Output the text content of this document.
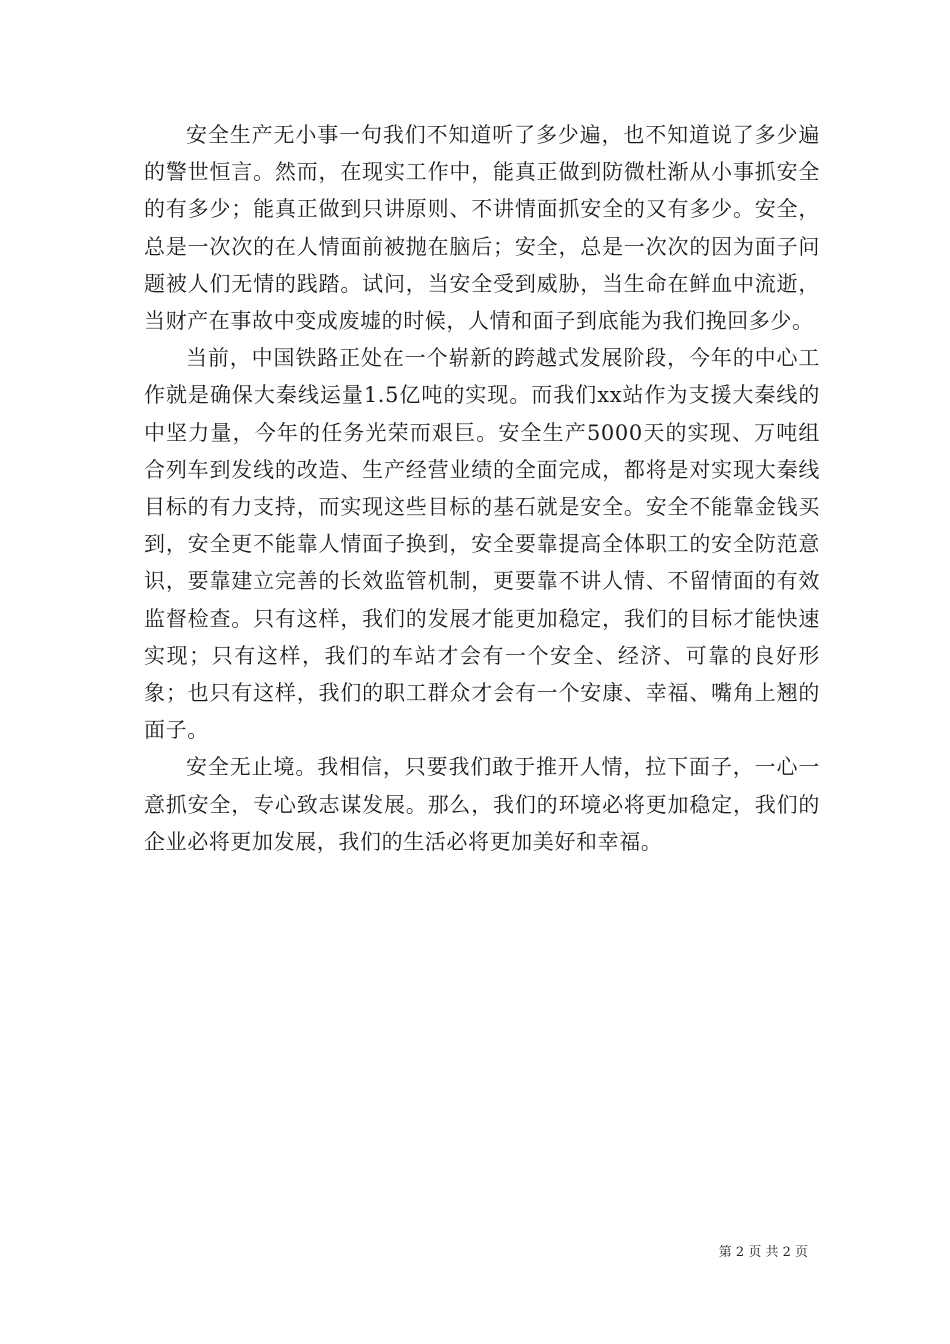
安全生产无小事一句我们不知道听了多少遍，也不知道说了多少遍的警世恒言。然而，在现实工作中，能真正做到防微杜渐从小事抓安全的有多少；能真正做到只讲原则、不讲情面抓安全的又有多少。安全，总是一次次的在人情面前被抛在脑后；安全，总是一次次的因为面子问题被人们无情的践踏。试问，当安全受到威胁，当生命在鲜血中流逝，当财产在事故中变成废墟的时候，人情和面子到底能为我们挽回多少。

当前，中国铁路正处在一个崭新的跨越式发展阶段，今年的中心工作就是确保大秦线运量1.5亿吨的实现。而我们xx站作为支援大秦线的中坚力量，今年的任务光荣而艰巨。安全生产5000天的实现、万吨组合列车到发线的改造、生产经营业绩的全面完成，都将是对实现大秦线目标的有力支持，而实现这些目标的基石就是安全。安全不能靠金钱买到，安全更不能靠人情面子换到，安全要靠提高全体职工的安全防范意识，要靠建立完善的长效监管机制，更要靠不讲人情、不留情面的有效监督检查。只有这样，我们的发展才能更加稳定，我们的目标才能快速实现；只有这样，我们的车站才会有一个安全、经济、可靠的良好形象；也只有这样，我们的职工群众才会有一个安康、幸福、嘴角上翘的面子。

安全无止境。我相信，只要我们敢于推开人情，拉下面子，一心一意抓安全，专心致志谋发展。那么，我们的环境必将更加稳定，我们的企业必将更加发展，我们的生活必将更加美好和幸福。

第 2 页 共 2 页
